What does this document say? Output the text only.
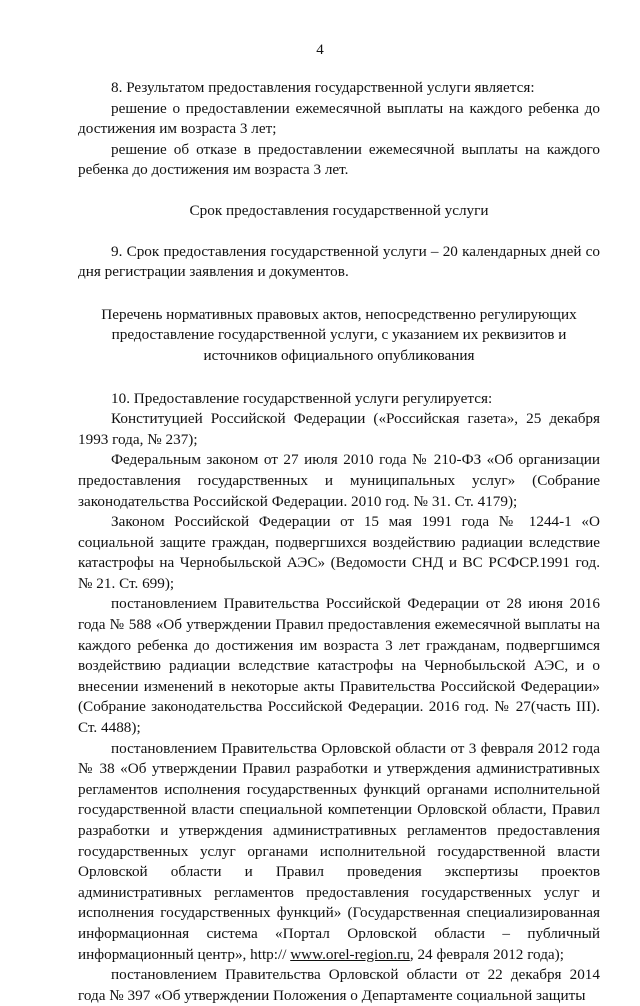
4

8. Результатом предоставления государственной услуги является:

решение о предоставлении ежемесячной выплаты на каждого ребенка до достижения им возраста 3 лет;

решение об отказе в предоставлении ежемесячной выплаты на каждого ребенка до достижения им возраста 3 лет.

Срок предоставления государственной услуги

9. Срок предоставления государственной услуги – 20 календарных дней со дня регистрации заявления и документов.

Перечень нормативных правовых актов, непосредственно регулирующих предоставление государственной услуги, с указанием их реквизитов и источников официального опубликования

10. Предоставление государственной услуги регулируется:

Конституцией Российской Федерации («Российская газета», 25 декабря 1993 года, № 237);

Федеральным законом от 27 июля 2010 года № 210-ФЗ «Об организации предоставления государственных и муниципальных услуг» (Собрание законодательства Российской Федерации. 2010 год. № 31. Ст. 4179);

Законом Российской Федерации от 15 мая 1991 года № 1244-1 «О социальной защите граждан, подвергшихся воздействию радиации вследствие катастрофы на Чернобыльской АЭС» (Ведомости СНД и ВС РСФСР.1991 год. № 21. Ст. 699);

постановлением Правительства Российской Федерации от 28 июня 2016 года № 588 «Об утверждении Правил предоставления ежемесячной выплаты на каждого ребенка до достижения им возраста 3 лет гражданам, подвергшимся воздействию радиации вследствие катастрофы на Чернобыльской АЭС, и о внесении изменений в некоторые акты Правительства Российской Федерации» (Собрание законодательства Российской Федерации. 2016 год. № 27(часть III). Ст. 4488);

постановлением Правительства Орловской области от 3 февраля 2012 года № 38 «Об утверждении Правил разработки и утверждения административных регламентов исполнения государственных функций органами исполнительной государственной власти специальной компетенции Орловской области, Правил разработки и утверждения административных регламентов предоставления государственных услуг органами исполнительной государственной власти Орловской области и Правил проведения экспертизы проектов административных регламентов предоставления государственных услуг и исполнения государственных функций» (Государственная специализированная информационная система «Портал Орловской области – публичный информационный центр», http:// www.orel-region.ru, 24 февраля 2012 года);

постановлением Правительства Орловской области от 22 декабря 2014 года № 397 «Об утверждении Положения о Департаменте социальной защиты
